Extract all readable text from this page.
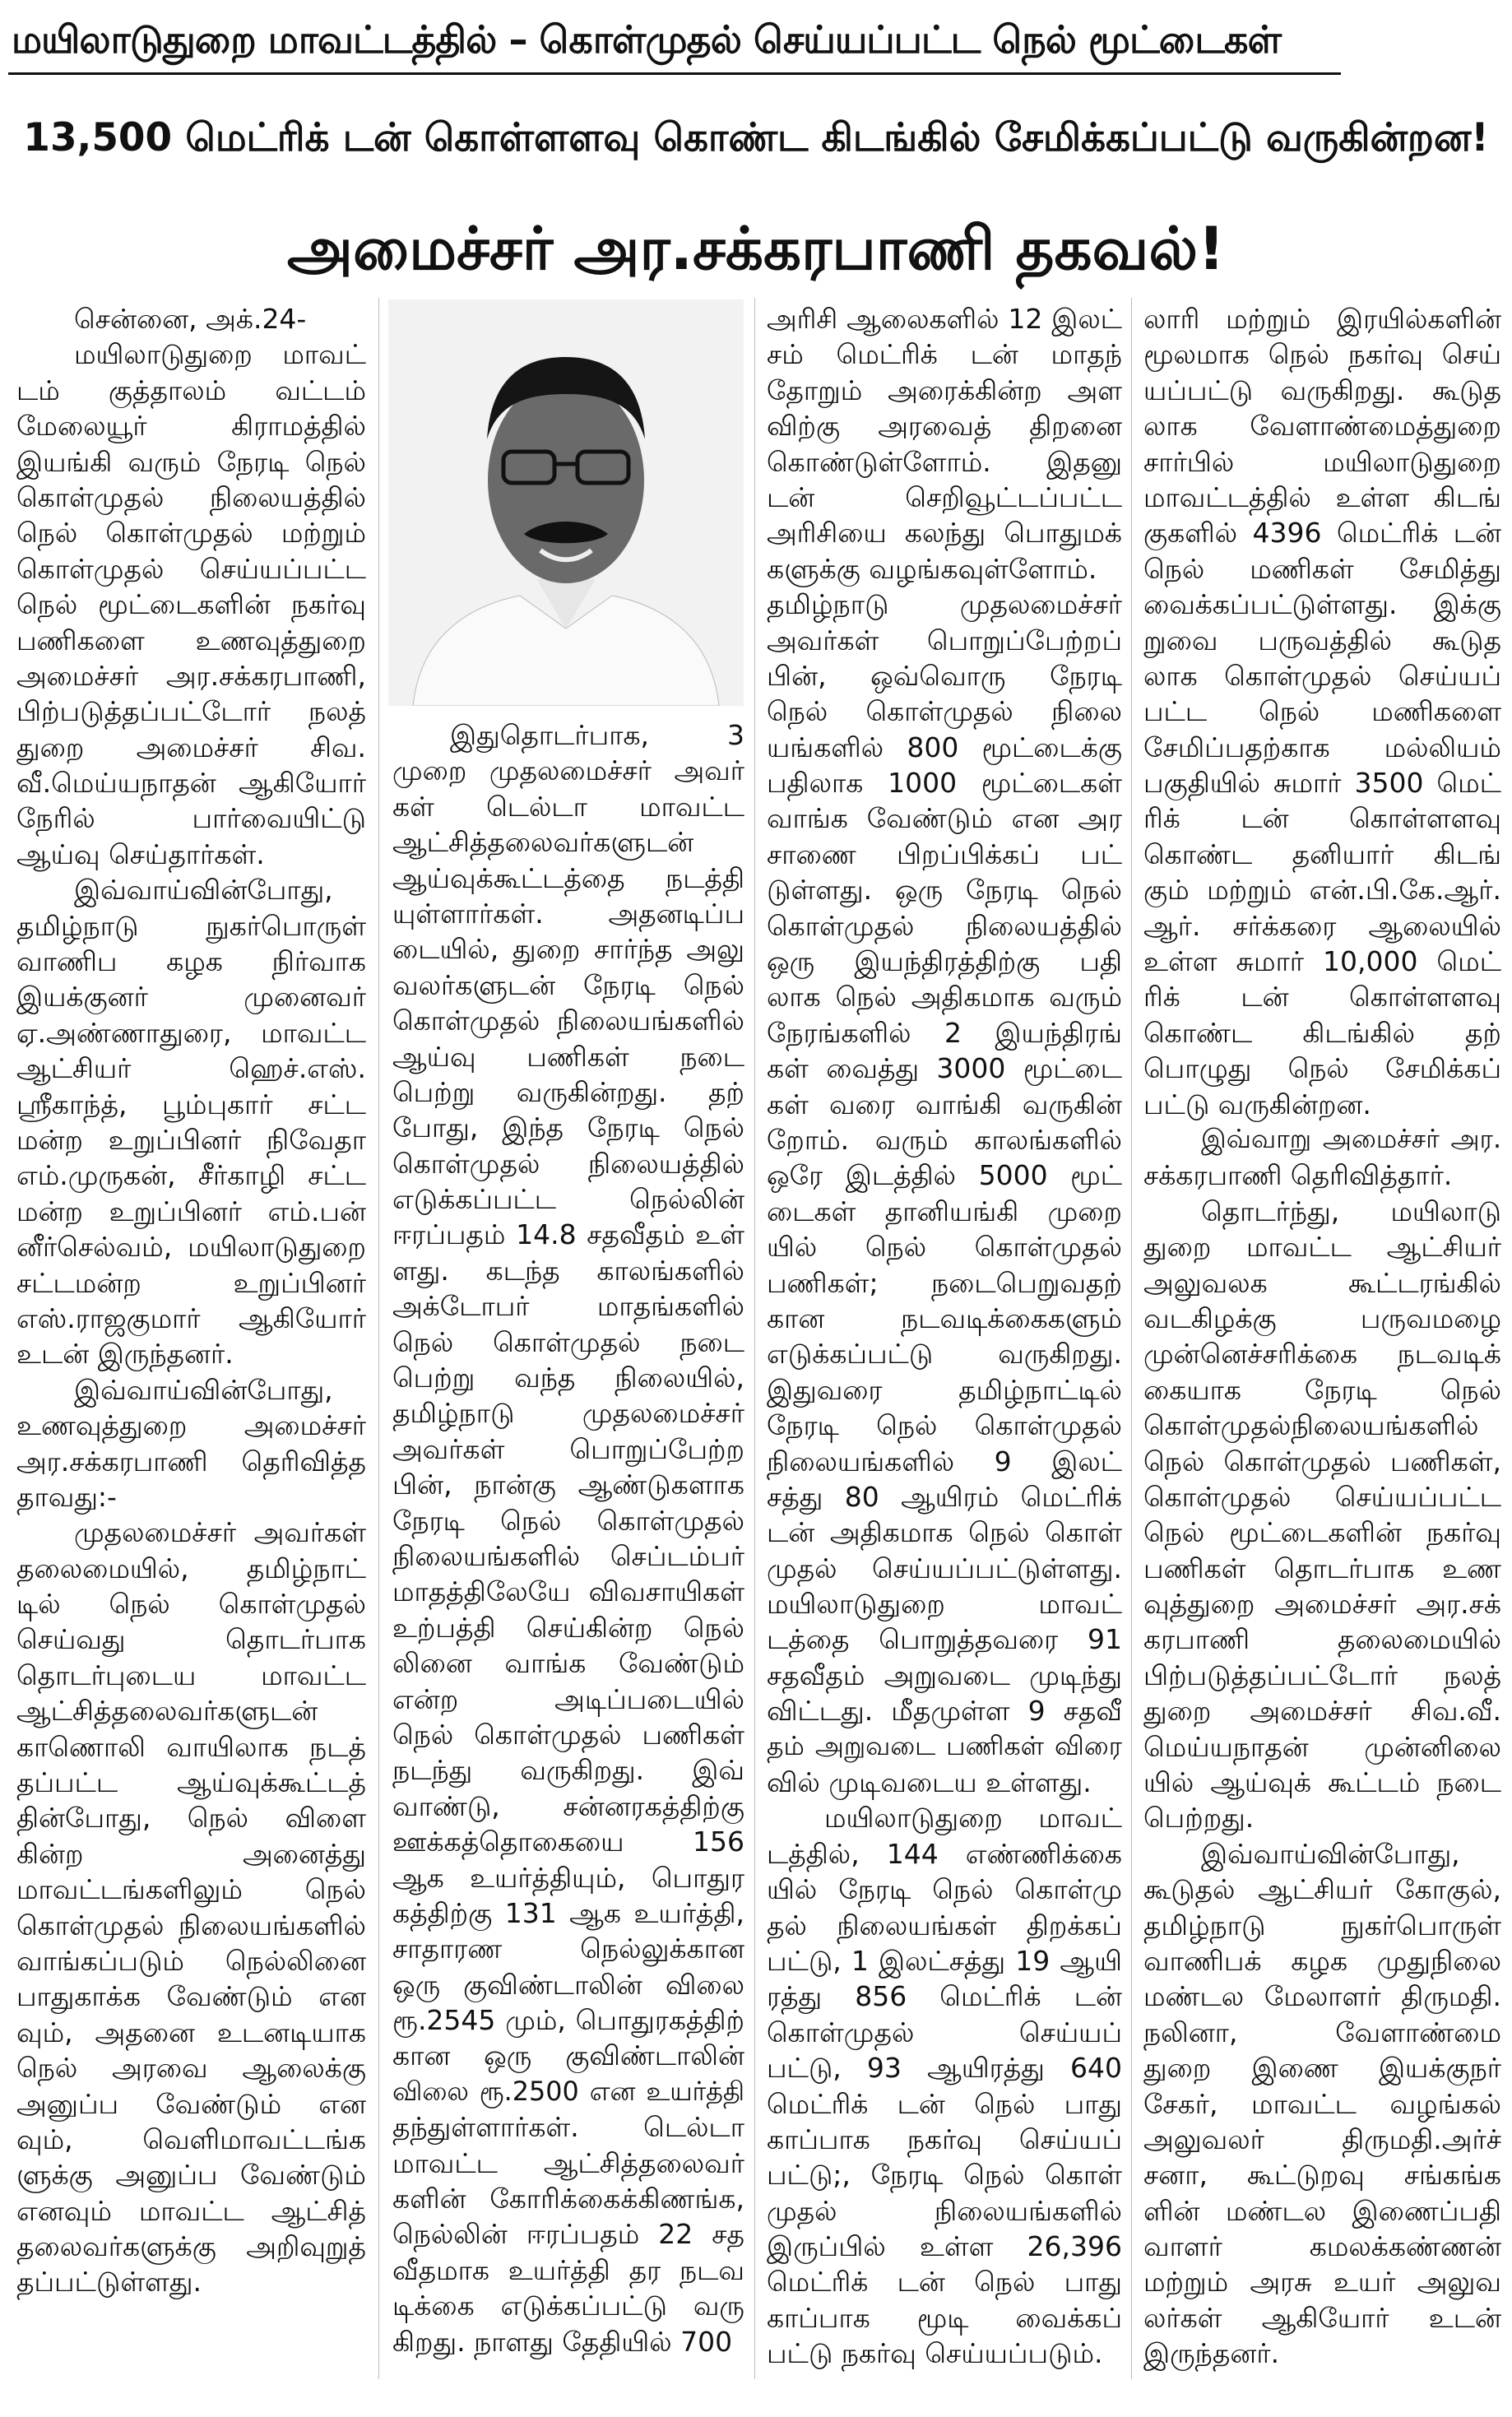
மயிலாடுதுறை மாவட்டத்தில் – கொள்முதல் செய்யப்பட்ட நெல் மூட்டைகள்
13,500 மெட்ரிக் டன் கொள்ளளவு கொண்ட கிடங்கில் சேமிக்கப்பட்டு வருகின்றன!
அமைச்சர் அர.சக்கரபாணி தகவல்!
சென்னை, அக்.24-
மயிலாடுதுறை மாவட்
டம் குத்தாலம் வட்டம்
மேலையூர் கிராமத்தில்
இயங்கி வரும் நேரடி நெல்
கொள்முதல் நிலையத்தில்
நெல் கொள்முதல் மற்றும்
கொள்முதல் செய்யப்பட்ட
நெல் மூட்டைகளின் நகர்வு
பணிகளை உணவுத்துறை
அமைச்சர் அர.சக்கரபாணி,
பிற்படுத்தப்பட்டோர் நலத்
துறை அமைச்சர் சிவ.
வீ.மெய்யநாதன் ஆகியோர்
நேரில் பார்வையிட்டு
ஆய்வு செய்தார்கள்.
இவ்வாய்வின்போது,
தமிழ்நாடு நுகர்பொருள்
வாணிப கழக நிர்வாக
இயக்குனர் முனைவர்
ஏ.அண்ணாதுரை, மாவட்ட
ஆட்சியர் ஹெச்.எஸ்.
ஸ்ரீகாந்த், பூம்புகார் சட்ட
மன்ற உறுப்பினர் நிவேதா
எம்.முருகன், சீர்காழி சட்ட
மன்ற உறுப்பினர் எம்.பன்
னீர்செல்வம், மயிலாடுதுறை
சட்டமன்ற உறுப்பினர்
எஸ்.ராஜகுமார் ஆகியோர்
உடன் இருந்தனர்.
இவ்வாய்வின்போது,
உணவுத்துறை அமைச்சர்
அர.சக்கரபாணி தெரிவித்த
தாவது:-
முதலமைச்சர் அவர்கள்
தலைமையில், தமிழ்நாட்
டில் நெல் கொள்முதல்
செய்வது தொடர்பாக
தொடர்புடைய மாவட்ட
ஆட்சித்தலைவர்களுடன்
காணொலி வாயிலாக நடத்
தப்பட்ட ஆய்வுக்கூட்டத்
தின்போது, நெல் விளை
கின்ற அனைத்து
மாவட்டங்களிலும் நெல்
கொள்முதல் நிலையங்களில்
வாங்கப்படும் நெல்லினை
பாதுகாக்க வேண்டும் என
வும், அதனை உடனடியாக
நெல் அரவை ஆலைக்கு
அனுப்ப வேண்டும் என
வும், வெளிமாவட்டங்க
ளுக்கு அனுப்ப வேண்டும்
எனவும் மாவட்ட ஆட்சித்
தலைவர்களுக்கு அறிவுறுத்
தப்பட்டுள்ளது.
இதுதொடர்பாக, 3
முறை முதலமைச்சர் அவர்
கள் டெல்டா மாவட்ட
ஆட்சித்தலைவர்களுடன்
ஆய்வுக்கூட்டத்தை நடத்தி
யுள்ளார்கள். அதனடிப்ப
டையில், துறை சார்ந்த அலு
வலர்களுடன் நேரடி நெல்
கொள்முதல் நிலையங்களில்
ஆய்வு பணிகள் நடை
பெற்று வருகின்றது. தற்
போது, இந்த நேரடி நெல்
கொள்முதல் நிலையத்தில்
எடுக்கப்பட்ட நெல்லின்
ஈரப்பதம் 14.8 சதவீதம் உள்
ளது. கடந்த காலங்களில்
அக்டோபர் மாதங்களில்
நெல் கொள்முதல் நடை
பெற்று வந்த நிலையில்,
தமிழ்நாடு முதலமைச்சர்
அவர்கள் பொறுப்பேற்ற
பின், நான்கு ஆண்டுகளாக
நேரடி நெல் கொள்முதல்
நிலையங்களில் செப்டம்பர்
மாதத்திலேயே விவசாயிகள்
உற்பத்தி செய்கின்ற நெல்
லினை வாங்க வேண்டும்
என்ற அடிப்படையில்
நெல் கொள்முதல் பணிகள்
நடந்து வருகிறது. இவ்
வாண்டு, சன்னரகத்திற்கு
ஊக்கத்தொகையை 156
ஆக உயர்த்தியும், பொதுர
கத்திற்கு 131 ஆக உயர்த்தி,
சாதாரண நெல்லுக்கான
ஒரு குவிண்டாலின் விலை
ரூ.2545 மும், பொதுரகத்திற்
கான ஒரு குவிண்டாலின்
விலை ரூ.2500 என உயர்த்தி
தந்துள்ளார்கள். டெல்டா
மாவட்ட ஆட்சித்தலைவர்
களின் கோரிக்கைக்கிணங்க,
நெல்லின் ஈரப்பதம் 22 சத
வீதமாக உயர்த்தி தர நடவ
டிக்கை எடுக்கப்பட்டு வரு
கிறது. நாளது தேதியில் 700
அரிசி ஆலைகளில் 12 இலட்
சம் மெட்ரிக் டன் மாதந்
தோறும் அரைக்கின்ற அள
விற்கு அரவைத் திறனை
கொண்டுள்ளோம். இதனு
டன் செறிவூட்டப்பட்ட
அரிசியை கலந்து பொதுமக்
களுக்கு வழங்கவுள்ளோம்.
தமிழ்நாடு முதலமைச்சர்
அவர்கள் பொறுப்பேற்றப்
பின், ஒவ்வொரு நேரடி
நெல் கொள்முதல் நிலை
யங்களில் 800 மூட்டைக்கு
பதிலாக 1000 மூட்டைகள்
வாங்க வேண்டும் என அர
சாணை பிறப்பிக்கப் பட்
டுள்ளது. ஒரு நேரடி நெல்
கொள்முதல் நிலையத்தில்
ஒரு இயந்திரத்திற்கு பதி
லாக நெல் அதிகமாக வரும்
நேரங்களில் 2 இயந்திரங்
கள் வைத்து 3000 மூட்டை
கள் வரை வாங்கி வருகின்
றோம். வரும் காலங்களில்
ஒரே இடத்தில் 5000 மூட்
டைகள் தானியங்கி முறை
யில் நெல் கொள்முதல்
பணிகள்; நடைபெறுவதற்
கான நடவடிக்கைகளும்
எடுக்கப்பட்டு வருகிறது.
இதுவரை தமிழ்நாட்டில்
நேரடி நெல் கொள்முதல்
நிலையங்களில் 9 இலட்
சத்து 80 ஆயிரம் மெட்ரிக்
டன் அதிகமாக நெல் கொள்
முதல் செய்யப்பட்டுள்ளது.
மயிலாடுதுறை மாவட்
டத்தை பொறுத்தவரை 91
சதவீதம் அறுவடை முடிந்து
விட்டது. மீதமுள்ள 9 சதவீ
தம் அறுவடை பணிகள் விரை
வில் முடிவடைய உள்ளது.
மயிலாடுதுறை மாவட்
டத்தில், 144 எண்ணிக்கை
யில் நேரடி நெல் கொள்மு
தல் நிலையங்கள் திறக்கப்
பட்டு, 1 இலட்சத்து 19 ஆயி
ரத்து 856 மெட்ரிக் டன்
கொள்முதல் செய்யப்
பட்டு, 93 ஆயிரத்து 640
மெட்ரிக் டன் நெல் பாது
காப்பாக நகர்வு செய்யப்
பட்டு;, நேரடி நெல் கொள்
முதல் நிலையங்களில்
இருப்பில் உள்ள 26,396
மெட்ரிக் டன் நெல் பாது
காப்பாக மூடி வைக்கப்
பட்டு நகர்வு செய்யப்படும்.
லாரி மற்றும் இரயில்களின்
மூலமாக நெல் நகர்வு செய்
யப்பட்டு வருகிறது. கூடுத
லாக வேளாண்மைத்துறை
சார்பில் மயிலாடுதுறை
மாவட்டத்தில் உள்ள கிடங்
குகளில் 4396 மெட்ரிக் டன்
நெல் மணிகள் சேமித்து
வைக்கப்பட்டுள்ளது. இக்கு
றுவை பருவத்தில் கூடுத
லாக கொள்முதல் செய்யப்
பட்ட நெல் மணிகளை
சேமிப்பதற்காக மல்லியம்
பகுதியில் சுமார் 3500 மெட்
ரிக் டன் கொள்ளளவு
கொண்ட தனியார் கிடங்
கும் மற்றும் என்.பி.கே.ஆர்.
ஆர். சர்க்கரை ஆலையில்
உள்ள சுமார் 10,000 மெட்
ரிக் டன் கொள்ளளவு
கொண்ட கிடங்கில் தற்
பொழுது நெல் சேமிக்கப்
பட்டு வருகின்றன.
இவ்வாறு அமைச்சர் அர.
சக்கரபாணி தெரிவித்தார்.
தொடர்ந்து, மயிலாடு
துறை மாவட்ட ஆட்சியர்
அலுவலக கூட்டரங்கில்
வடகிழக்கு பருவமழை
முன்னெச்சரிக்கை நடவடிக்
கையாக நேரடி நெல்
கொள்முதல்நிலையங்களில்
நெல் கொள்முதல் பணிகள்,
கொள்முதல் செய்யப்பட்ட
நெல் மூட்டைகளின் நகர்வு
பணிகள் தொடர்பாக உண
வுத்துறை அமைச்சர் அர.சக்
கரபாணி தலைமையில்
பிற்படுத்தப்பட்டோர் நலத்
துறை அமைச்சர் சிவ.வீ.
மெய்யநாதன் முன்னிலை
யில் ஆய்வுக் கூட்டம் நடை
பெற்றது.
இவ்வாய்வின்போது,
கூடுதல் ஆட்சியர் கோகுல்,
தமிழ்நாடு நுகர்பொருள்
வாணிபக் கழக முதுநிலை
மண்டல மேலாளர் திருமதி.
நலினா, வேளாண்மை
துறை இணை இயக்குநர்
சேகர், மாவட்ட வழங்கல்
அலுவலர் திருமதி.அர்ச்
சனா, கூட்டுறவு சங்கங்க
ளின் மண்டல இணைப்பதி
வாளர் கமலக்கண்ணன்
மற்றும் அரசு உயர் அலுவ
லர்கள் ஆகியோர் உடன்
இருந்தனர்.
